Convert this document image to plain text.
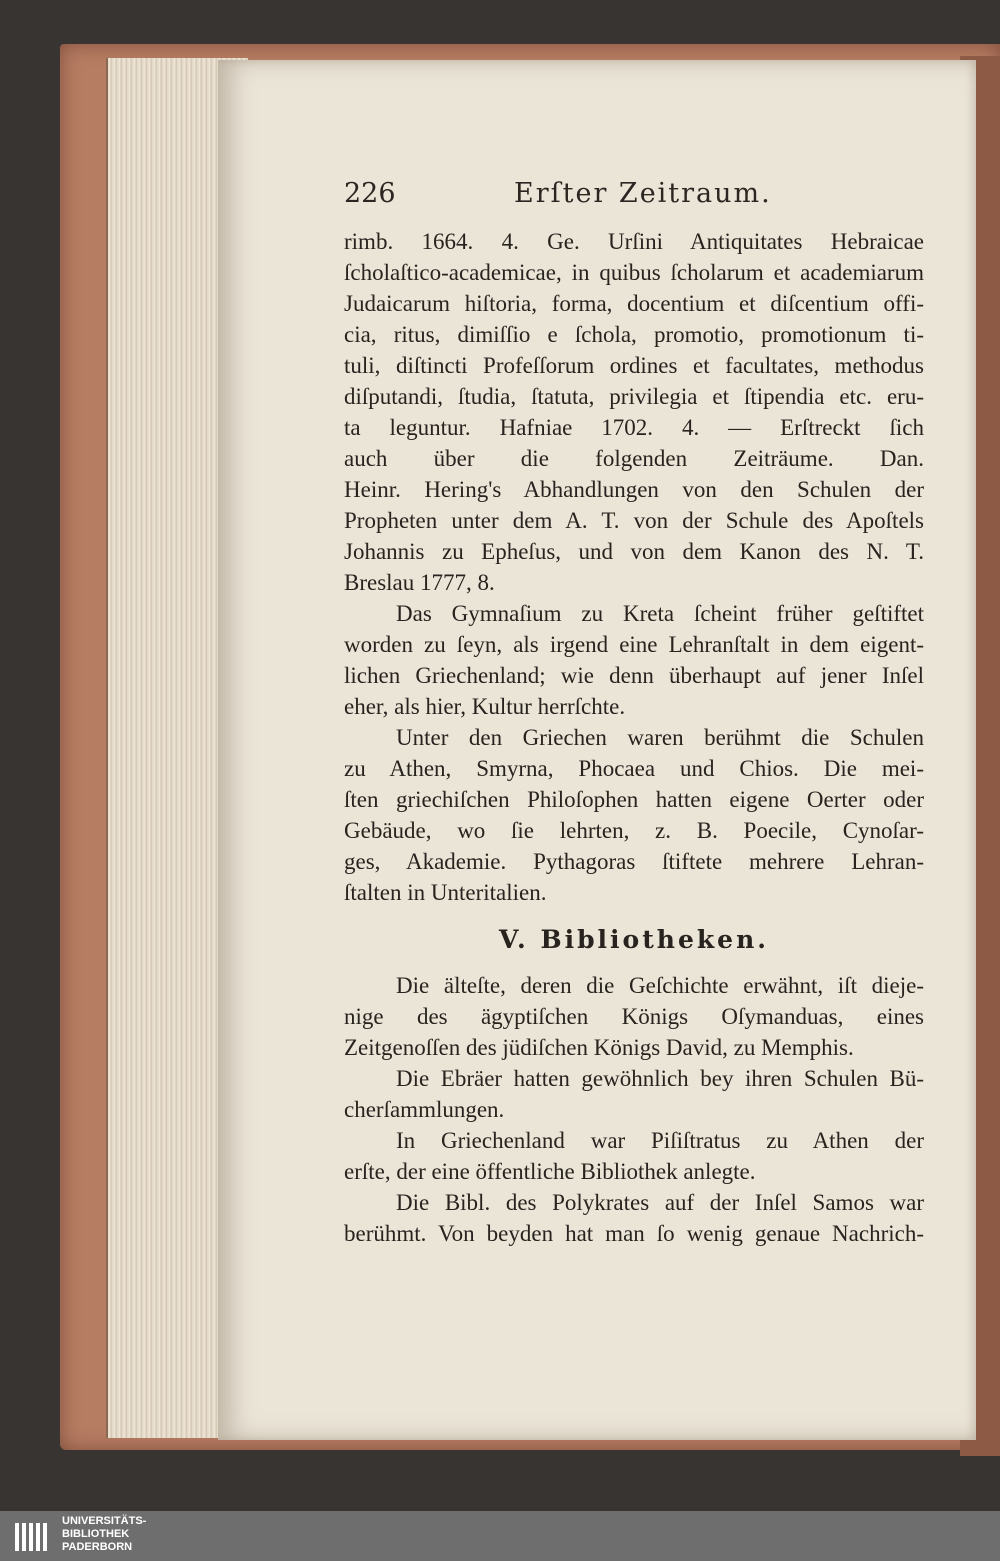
226	Erſter Zeitraum.
rimb. 1664. 4. Ge. Urſini Antiquitates Hebraicae
ſcholaſtico-academicae, in quibus ſcholarum et academiarum
Judaicarum hiſtoria, forma, docentium et diſcentium offi-
cia, ritus, dimiſſio e ſchola, promotio, promotionum ti-
tuli, diſtincti Profeſſorum ordines et facultates, methodus
diſputandi, ſtudia, ſtatuta, privilegia et ſtipendia etc. eru-
ta leguntur. Hafniae 1702. 4. — Erſtreckt ſich
auch über die folgenden Zeiträume. Dan.
Heinr. Hering's Abhandlungen von den Schulen der
Propheten unter dem A. T. von der Schule des Apoſtels
Johannis zu Epheſus, und von dem Kanon des N. T.
Breslau 1777, 8.
Das Gymnaſium zu Kreta ſcheint früher geſtiftet
worden zu ſeyn, als irgend eine Lehranſtalt in dem eigent-
lichen Griechenland; wie denn überhaupt auf jener Inſel
eher, als hier, Kultur herrſchte.
Unter den Griechen waren berühmt die Schulen
zu Athen, Smyrna, Phocaea und Chios. Die mei-
ſten griechiſchen Philoſophen hatten eigene Oerter oder
Gebäude, wo ſie lehrten, z. B. Poecile, Cynoſar-
ges, Akademie. Pythagoras ſtiftete mehrere Lehran-
ſtalten in Unteritalien.
V. Bibliotheken.
Die älteſte, deren die Geſchichte erwähnt, iſt dieje-
nige des ägyptiſchen Königs Oſymanduas, eines
Zeitgenoſſen des jüdiſchen Königs David, zu Memphis.
Die Ebräer hatten gewöhnlich bey ihren Schulen Bü-
cherſammlungen.
In Griechenland war Piſiſtratus zu Athen der
erſte, der eine öffentliche Bibliothek anlegte.
Die Bibl. des Polykrates auf der Inſel Samos war
berühmt. Von beyden hat man ſo wenig genaue Nachrich-
UNIVERSITÄTS-
BIBLIOTHEK
PADERBORN
